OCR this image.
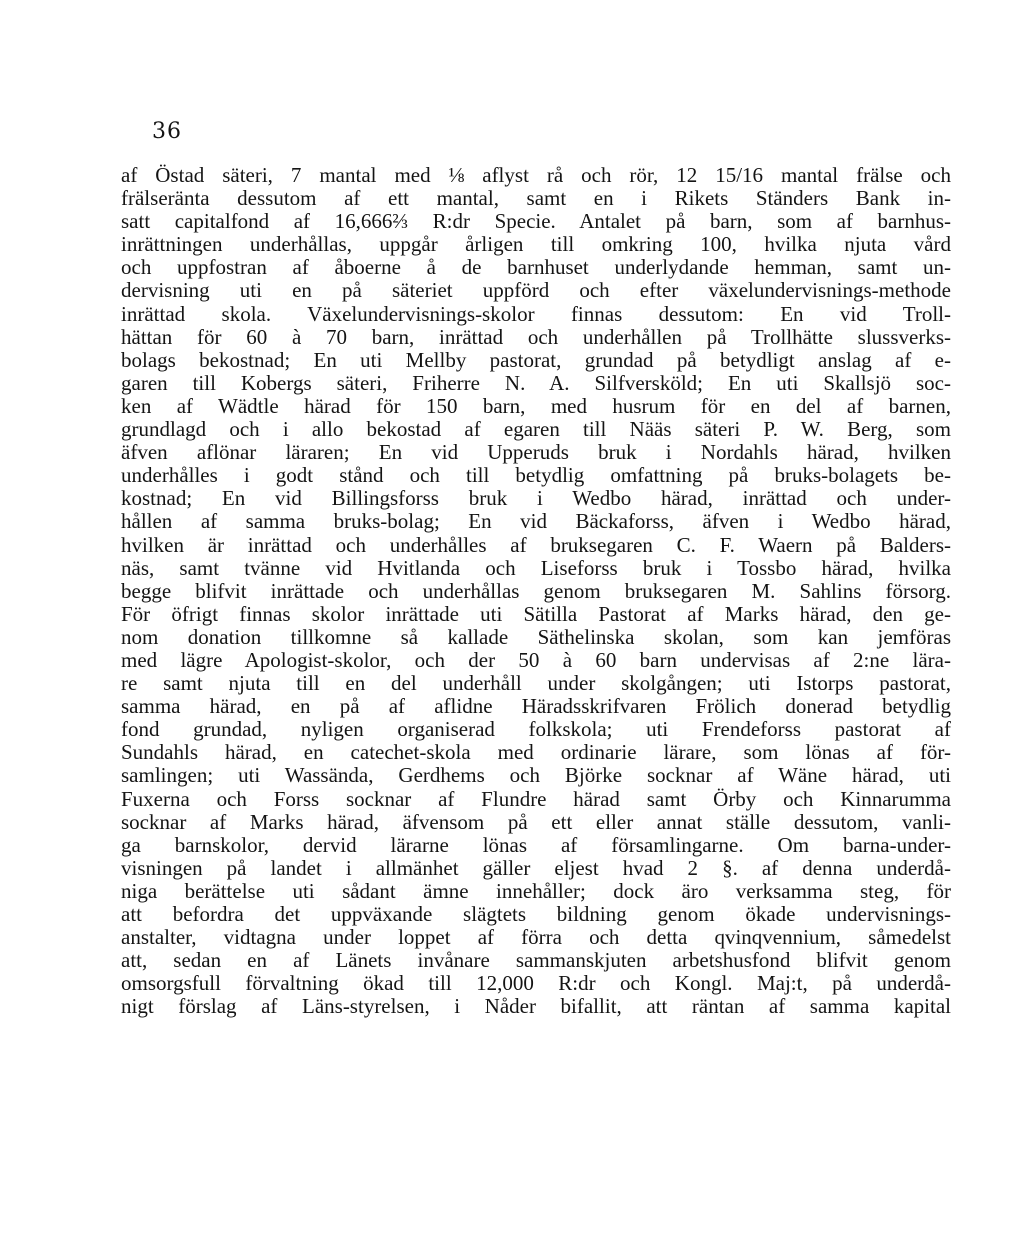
36
af Östad säteri, 7 mantal med ⅛ aflyst rå och rör, 12 15/16 mantal frälse och
frälseränta dessutom af ett mantal, samt en i Rikets Ständers Bank in-
satt capitalfond af 16,666⅔ R:dr Specie. Antalet på barn, som af barnhus-
inrättningen underhållas, uppgår årligen till omkring 100, hvilka njuta vård
och uppfostran af åboerne å de barnhuset underlydande hemman, samt un-
dervisning uti en på säteriet uppförd och efter växelundervisnings-methode
inrättad skola. Växelundervisnings-skolor finnas dessutom: En vid Troll-
hättan för 60 à 70 barn, inrättad och underhållen på Trollhätte slussverks-
bolags bekostnad; En uti Mellby pastorat, grundad på betydligt anslag af e-
garen till Kobergs säteri, Friherre N. A. Silfversköld; En uti Skallsjö soc-
ken af Wädtle härad för 150 barn, med husrum för en del af barnen,
grundlagd och i allo bekostad af egaren till Nääs säteri P. W. Berg, som
äfven aflönar läraren; En vid Upperuds bruk i Nordahls härad, hvilken
underhålles i godt stånd och till betydlig omfattning på bruks-bolagets be-
kostnad; En vid Billingsforss bruk i Wedbo härad, inrättad och under-
hållen af samma bruks-bolag; En vid Bäckaforss, äfven i Wedbo härad,
hvilken är inrättad och underhålles af bruksegaren C. F. Waern på Balders-
näs, samt tvänne vid Hvitlanda och Liseforss bruk i Tossbo härad, hvilka
begge blifvit inrättade och underhållas genom bruksegaren M. Sahlins försorg.
För öfrigt finnas skolor inrättade uti Sätilla Pastorat af Marks härad, den ge-
nom donation tillkomne så kallade Säthelinska skolan, som kan jemföras
med lägre Apologist-skolor, och der 50 à 60 barn undervisas af 2:ne lära-
re samt njuta till en del underhåll under skolgången; uti Istorps pastorat,
samma härad, en på af aflidne Häradsskrifvaren Frölich donerad betydlig
fond grundad, nyligen organiserad folkskola; uti Frendeforss pastorat af
Sundahls härad, en catechet-skola med ordinarie lärare, som lönas af för-
samlingen; uti Wassända, Gerdhems och Björke socknar af Wäne härad, uti
Fuxerna och Forss socknar af Flundre härad samt Örby och Kinnarumma
socknar af Marks härad, äfvensom på ett eller annat ställe dessutom, vanli-
ga barnskolor, dervid lärarne lönas af församlingarne. Om barna-under-
visningen på landet i allmänhet gäller eljest hvad 2 §. af denna underdå-
niga berättelse uti sådant ämne innehåller; dock äro verksamma steg, för
att befordra det uppväxande slägtets bildning genom ökade undervisnings-
anstalter, vidtagna under loppet af förra och detta qvinqvennium, såmedelst
att, sedan en af Länets invånare sammanskjuten arbetshusfond blifvit genom
omsorgsfull förvaltning ökad till 12,000 R:dr och Kongl. Maj:t, på underdå-
nigt förslag af Läns-styrelsen, i Nåder bifallit, att räntan af samma kapital
